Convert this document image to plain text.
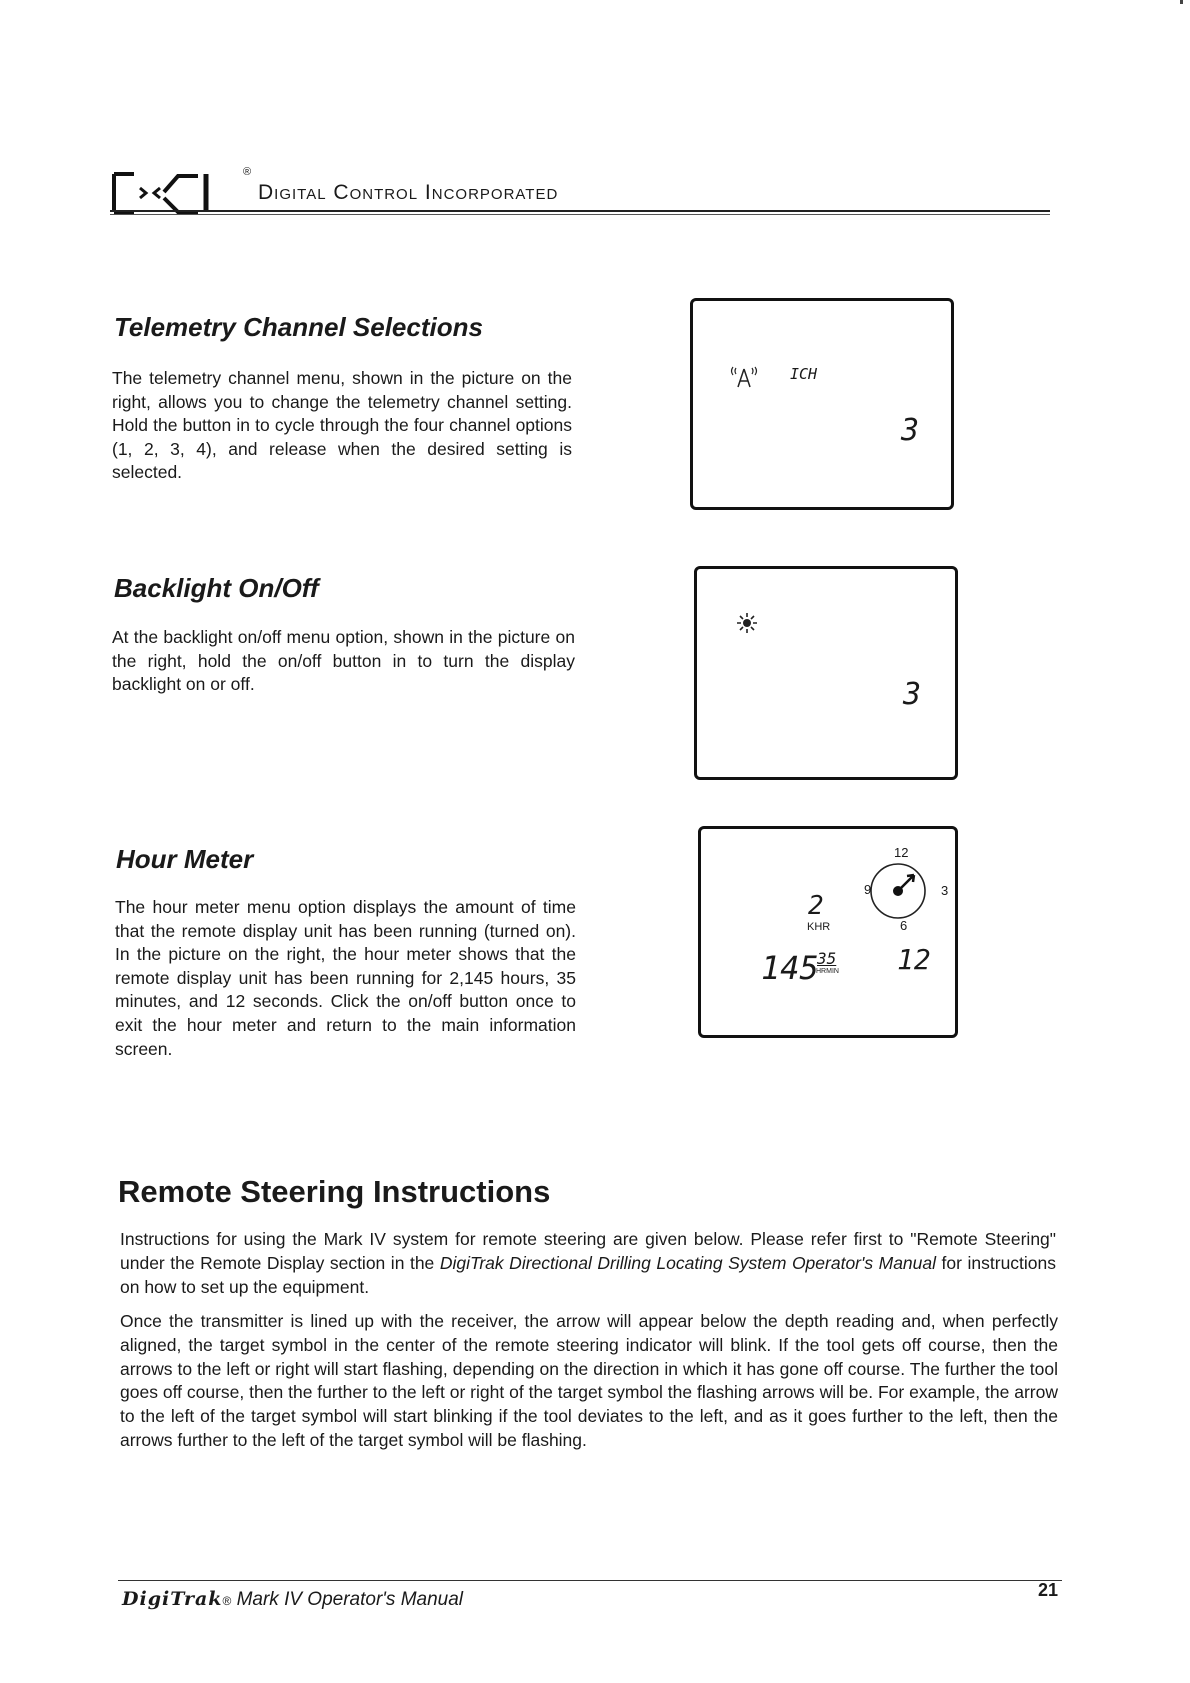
®
Digital Control Incorporated
Telemetry Channel Selections
The telemetry channel menu, shown in the picture on the right, allows you to change the telemetry channel setting. Hold the button in to cycle through the four channel options (1, 2, 3, 4), and release when the desired setting is selected.
ICH
3
Backlight On/Off
At the backlight on/off menu option, shown in the picture on the right, hold the on/off button in to turn the display backlight on or off.	3
Hour Meter
The hour meter menu option displays the amount of time that the remote display unit has been running (turned on). In the picture on the right, the hour meter shows that the remote display unit has been running for 2,145 hours, 35 minutes, and 12 seconds. Click the on/off button once to exit the hour meter and return to the main information screen.
12
3
6
9
2
KHR
145
35
HRMIN 12
Remote Steering Instructions
Instructions for using the Mark IV system for remote steering are given below. Please refer first to "Remote Steering" under the Remote Display section in the DigiTrak Directional Drilling Locating System Operator's Manual for instructions on how to set up the equipment.
Once the transmitter is lined up with the receiver, the arrow will appear below the depth reading and, when perfectly aligned, the target symbol in the center of the remote steering indicator will blink. If the tool gets off course, then the arrows to the left or right will start flashing, depending on the direction in which it has gone off course. The further the tool goes off course, then the further to the left or right of the target symbol the flashing arrows will be. For example, the arrow to the left of the target symbol will start blinking if the tool deviates to the left, and as it goes further to the left, then the arrows further to the left of the target symbol will be flashing.
DigiTrak® Mark IV Operator's Manual	21
